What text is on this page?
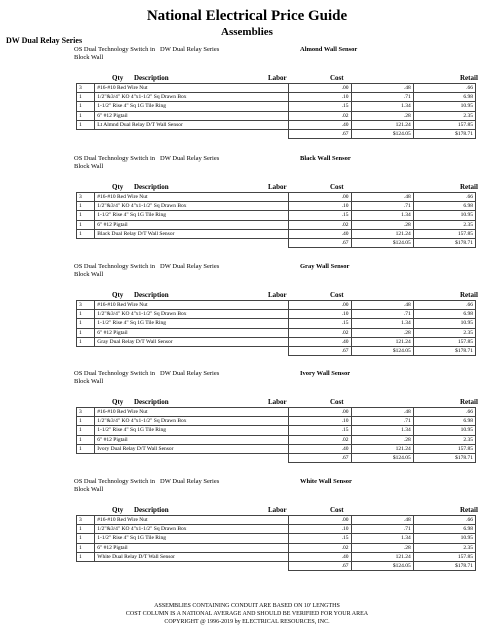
National Electrical Price Guide
Assemblies
DW Dual Relay Series
OS Dual Technology Switch in Block Wall
DW Dual Relay Series	Almond Wall Sensor
Qty Description	Labor	Cost	Retail
3	#16-#10 Red Wire Nut	.00	.48	.66
1	1/2"&3/4" KO 4"x1-1/2" Sq Drawn Box	.10	.71	6.98
1	1-1/2" Rise 4" Sq 1G Tile Ring	.15	1.34	10.95
1	6" #12 Pigtail	.02	.28	2.35
1	Lt Almnd Dual Relay D/T Wall Sensor	.40	121.24	157.85
		.67	$124.05	$178.71
OS Dual Technology Switch in Block Wall
DW Dual Relay Series	Black Wall Sensor
Qty Description	Labor	Cost	Retail
3	#16-#10 Red Wire Nut	.00	.48	.66
1	1/2"&3/4" KO 4"x1-1/2" Sq Drawn Box	.10	.71	6.98
1	1-1/2" Rise 4" Sq 1G Tile Ring	.15	1.34	10.95
1	6" #12 Pigtail	.02	.28	2.35
1	Black Dual Relay D/T Wall Sensor	.40	121.24	157.85
		.67	$124.05	$178.71
OS Dual Technology Switch in Block Wall
DW Dual Relay Series	Gray Wall Sensor
Qty Description	Labor	Cost	Retail
3	#16-#10 Red Wire Nut	.00	.48	.66
1	1/2"&3/4" KO 4"x1-1/2" Sq Drawn Box	.10	.71	6.98
1	1-1/2" Rise 4" Sq 1G Tile Ring	.15	1.34	10.95
1	6" #12 Pigtail	.02	.28	2.35
1	Gray Dual Relay D/T Wall Sensor	.40	121.24	157.85
		.67	$124.05	$178.71
OS Dual Technology Switch in Block Wall
DW Dual Relay Series	Ivory Wall Sensor
Qty Description	Labor	Cost	Retail
3	#16-#10 Red Wire Nut	.00	.48	.66
1	1/2"&3/4" KO 4"x1-1/2" Sq Drawn Box	.10	.71	6.98
1	1-1/2" Rise 4" Sq 1G Tile Ring	.15	1.34	10.95
1	6" #12 Pigtail	.02	.28	2.35
1	Ivory Dual Relay D/T Wall Sensor	.40	121.24	157.85
		.67	$124.05	$178.71
OS Dual Technology Switch in Block Wall
DW Dual Relay Series	White Wall Sensor
Qty Description	Labor	Cost	Retail
3	#16-#10 Red Wire Nut	.00	.48	.66
1	1/2"&3/4" KO 4"x1-1/2" Sq Drawn Box	.10	.71	6.98
1	1-1/2" Rise 4" Sq 1G Tile Ring	.15	1.34	10.95
1	6" #12 Pigtail	.02	.28	2.35
1	White Dual Relay D/T Wall Sensor	.40	121.24	157.85
		.67	$124.05	$178.71
ASSEMBLIES CONTAINING CONDUIT ARE BASED ON 10' LENGTHS
COST COLUMN IS A NATIONAL AVERAGE AND SHOULD BE VERIFIED FOR YOUR AREA
COPYRIGHT @ 1996-2019 by ELECTRICAL RESOURCES, INC.
